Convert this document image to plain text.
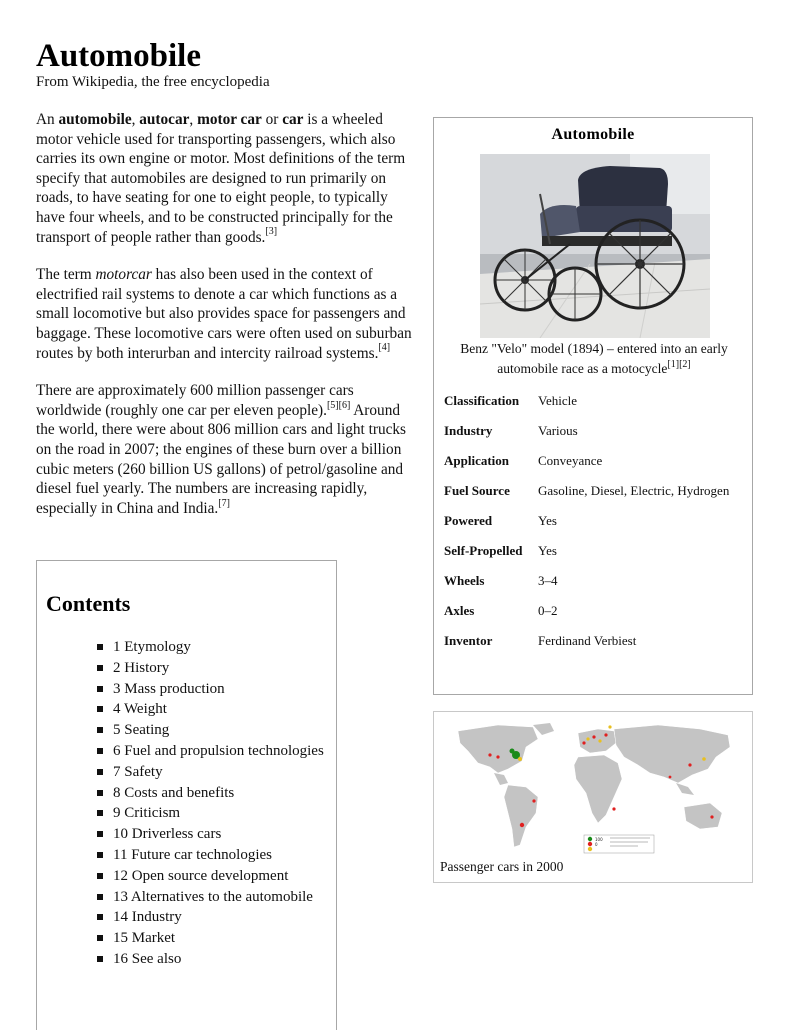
Automobile
From Wikipedia, the free encyclopedia

An automobile, autocar, motor car or car is a wheeled motor vehicle used for transporting passengers, which also carries its own engine or motor. Most definitions of the term specify that automobiles are designed to run primarily on roads, to have seating for one to eight people, to typically have four wheels, and to be constructed principally for the transport of people rather than goods.[3]

The term motorcar has also been used in the context of electrified rail systems to denote a car which functions as a small locomotive but also provides space for passengers and baggage. These locomotive cars were often used on suburban routes by both interurban and intercity railroad systems.[4]

There are approximately 600 million passenger cars worldwide (roughly one car per eleven people).[5][6] Around the world, there were about 806 million cars and light trucks on the road in 2007; the engines of these burn over a billion cubic meters (260 billion US gallons) of petrol/gasoline and diesel fuel yearly. The numbers are increasing rapidly, especially in China and India.[7]

Contents
1 Etymology
2 History
3 Mass production
4 Weight
5 Seating
6 Fuel and propulsion technologies
7 Safety
8 Costs and benefits
9 Criticism
10 Driverless cars
11 Future car technologies
12 Open source development
13 Alternatives to the automobile
14 Industry
15 Market
16 See also
Automobile
Benz "Velo" model (1894) – entered into an early automobile race as a motocycle[1][2]
Classification	Vehicle
Industry	Various
Application	Conveyance
Fuel Source	Gasoline, Diesel, Electric, Hydrogen
Powered	Yes
Self-Propelled	Yes
Wheels	3–4
Axles	0–2
Inventor	Ferdinand Verbiest
100
0
Passenger cars in 2000
